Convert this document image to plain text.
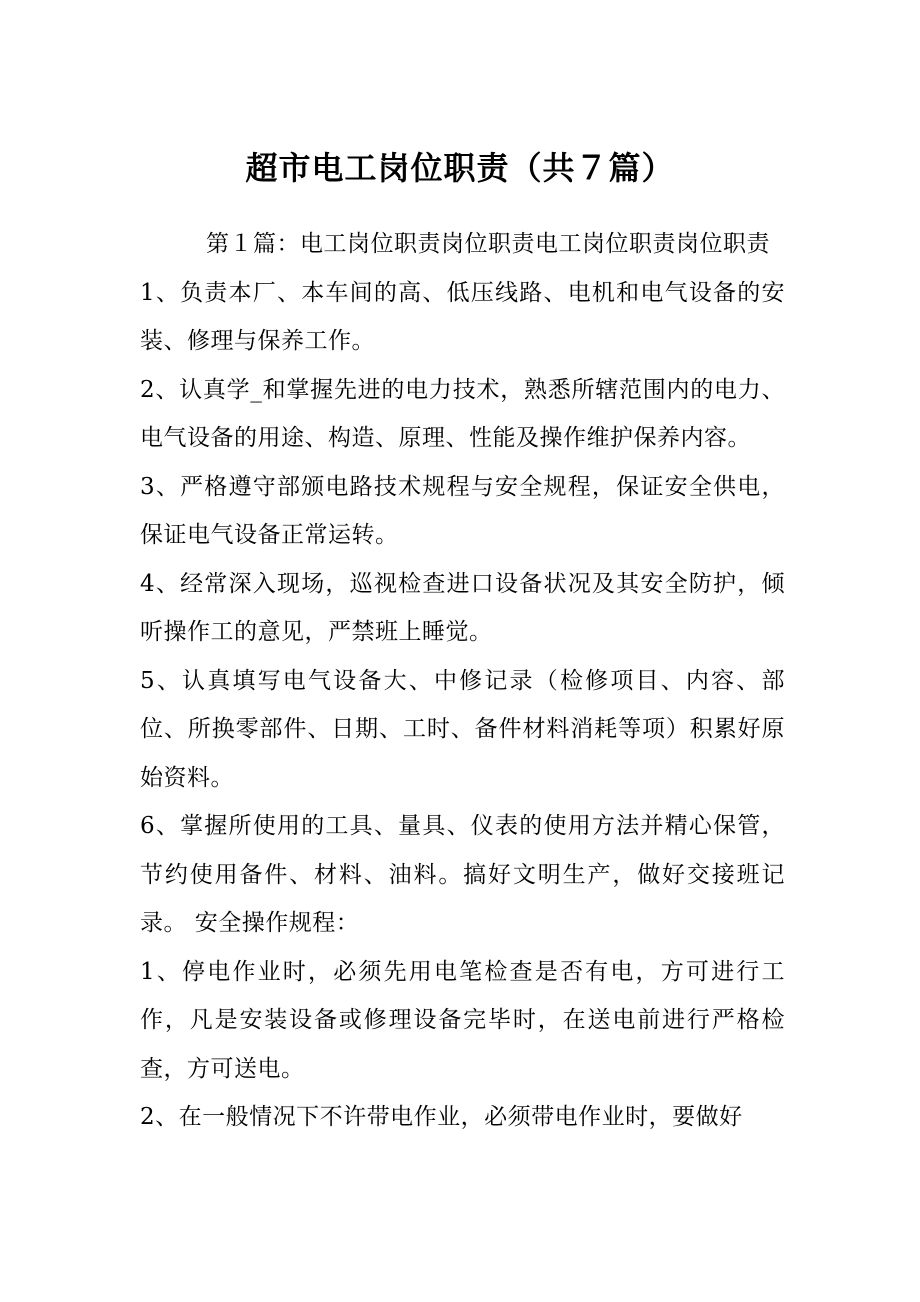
超市电工岗位职责（共７篇）

第１篇：电工岗位职责岗位职责电工岗位职责岗位职责

1、负责本厂、本车间的高、低压线路、电机和电气设备的安装、修理与保养工作。

2、认真学_和掌握先进的电力技术，熟悉所辖范围内的电力、电气设备的用途、构造、原理、性能及操作维护保养内容。

3、严格遵守部颁电路技术规程与安全规程，保证安全供电，保证电气设备正常运转。

4、经常深入现场，巡视检查进口设备状况及其安全防护，倾听操作工的意见，严禁班上睡觉。

5、认真填写电气设备大、中修记录（检修项目、内容、部位、所换零部件、日期、工时、备件材料消耗等项）积累好原始资料。

6、掌握所使用的工具、量具、仪表的使用方法并精心保管，节约使用备件、材料、油料。搞好文明生产，做好交接班记录。 安全操作规程：

1、停电作业时，必须先用电笔检查是否有电，方可进行工作，凡是安装设备或修理设备完毕时，在送电前进行严格检查，方可送电。

2、在一般情况下不许带电作业，必须带电作业时，要做好
